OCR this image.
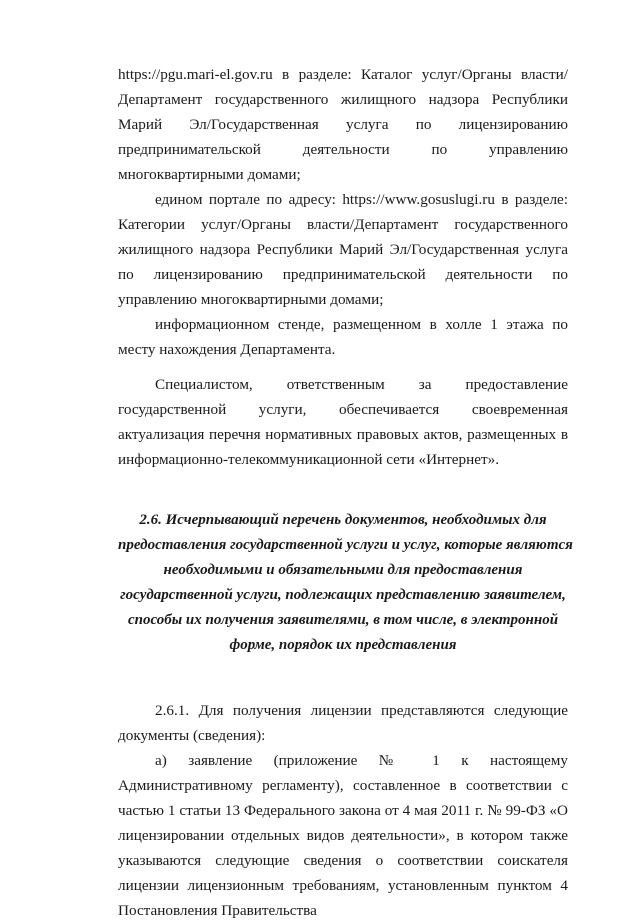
https://pgu.mari-el.gov.ru в разделе: Каталог услуг/Органы власти/Департамент государственного жилищного надзора Республики Марий Эл/Государственная услуга по лицензированию предпринимательской деятельности по управлению многоквартирными домами;

едином портале по адресу: https://www.gosuslugi.ru в разделе: Категории услуг/Органы власти/Департамент государственного жилищного надзора Республики Марий Эл/Государственная услуга по лицензированию предпринимательской деятельности по управлению многоквартирными домами;

информационном стенде, размещенном в холле 1 этажа по месту нахождения Департамента.

Специалистом, ответственным за предоставление государственной услуги, обеспечивается своевременная актуализация перечня нормативных правовых актов, размещенных в информационно-телекоммуникационной сети «Интернет».

2.6. Исчерпывающий перечень документов, необходимых для
предоставления государственной услуги и услуг, которые являются
необходимыми и обязательными для предоставления
государственной услуги, подлежащих представлению заявителем,
способы их получения заявителями, в том числе, в электронной
форме, порядок их представления

2.6.1. Для получения лицензии представляются следующие документы (сведения):

а) заявление (приложение № 1 к настоящему Административному регламенту), составленное в соответствии с частью 1 статьи 13 Федерального закона от 4 мая 2011 г. № 99-ФЗ «О лицензировании отдельных видов деятельности», в котором также указываются следующие сведения о соответствии соискателя лицензии лицензионным требованиям, установленным пунктом 4 Постановления Правительства
